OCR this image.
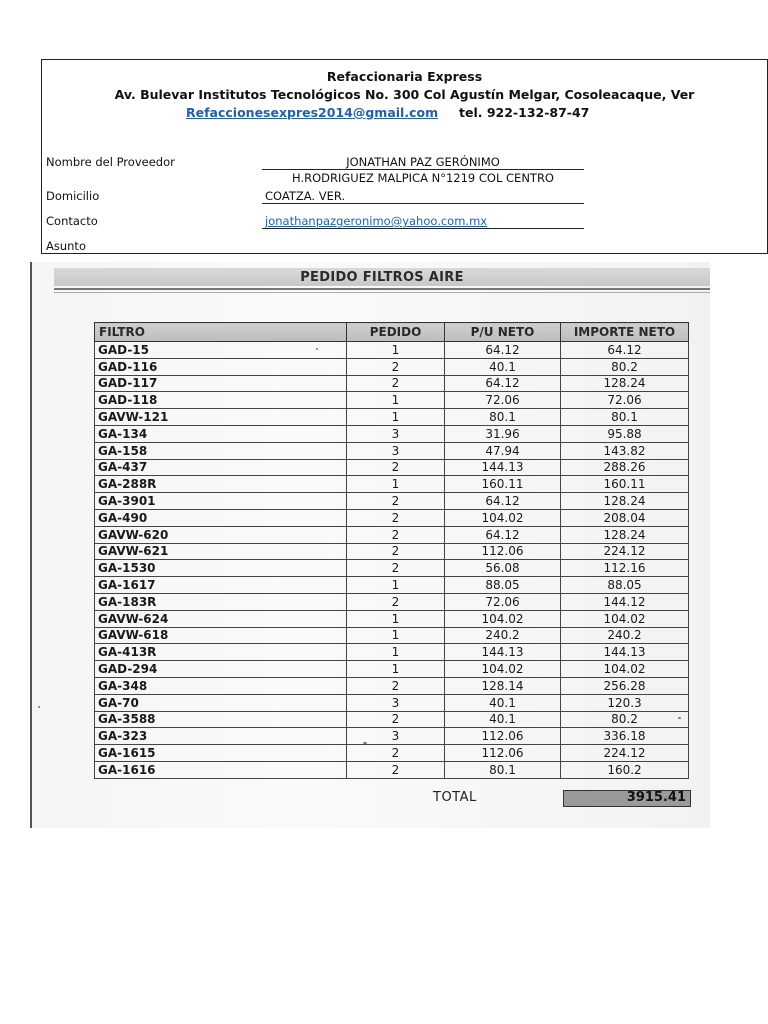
Refaccionaria Express
Av. Bulevar Institutos Tecnológicos No. 300 Col Agustín Melgar, Cosoleacaque, Ver
Refaccionesexpres2014@gmail.com tel. 922-132-87-47
Nombre del Proveedor	JONATHAN PAZ GERÓNIMO
H.RODRIGUEZ MALPICA N°1219 COL CENTRO
Domicilio	COATZA. VER.
Contacto	jonathanpazgeronimo@yahoo.com.mx
Asunto
PEDIDO FILTROS AIRE
FILTRO	PEDIDO	P/U NETO	IMPORTE NETO
GAD-15	1	64.12	64.12
GAD-116	2	40.1	80.2
GAD-117	2	64.12	128.24
GAD-118	1	72.06	72.06
GAVW-121	1	80.1	80.1
GA-134	3	31.96	95.88
GA-158	3	47.94	143.82
GA-437	2	144.13	288.26
GA-288R	1	160.11	160.11
GA-3901	2	64.12	128.24
GA-490	2	104.02	208.04
GAVW-620	2	64.12	128.24
GAVW-621	2	112.06	224.12
GA-1530	2	56.08	112.16
GA-1617	1	88.05	88.05
GA-183R	2	72.06	144.12
GAVW-624	1	104.02	104.02
GAVW-618	1	240.2	240.2
GA-413R	1	144.13	144.13
GAD-294	1	104.02	104.02
GA-348	2	128.14	256.28
GA-70	3	40.1	120.3
GA-3588	2	40.1	80.2
GA-323	3	112.06	336.18
GA-1615	2	112.06	224.12
GA-1616	2	80.1	160.2
TOTAL	3915.41
